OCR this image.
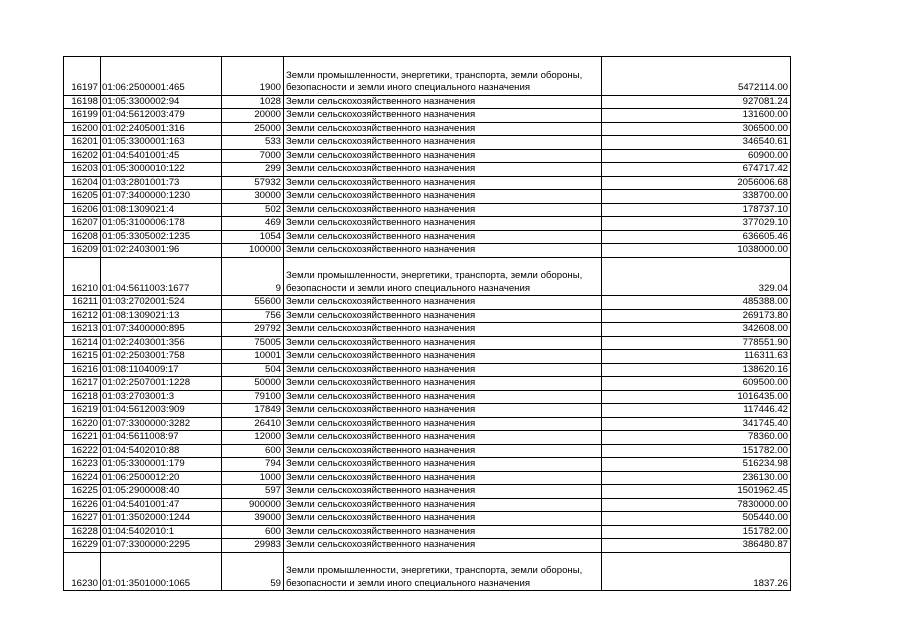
16197	01:06:2500001:465	1900	Земли промышленности, энергетики, транспорта, земли обороны, безопасности и земли иного специального назначения	5472114.00
16198	01:05:3300002:94	1028	Земли сельскохозяйственного назначения	927081.24
16199	01:04:5612003:479	20000	Земли сельскохозяйственного назначения	131600.00
16200	01:02:2405001:316	25000	Земли сельскохозяйственного назначения	306500.00
16201	01:05:3300001:163	533	Земли сельскохозяйственного назначения	346540.61
16202	01:04:5401001:45	7000	Земли сельскохозяйственного назначения	60900.00
16203	01:05:3000010:122	299	Земли сельскохозяйственного назначения	674717.42
16204	01:03:2801001:73	57932	Земли сельскохозяйственного назначения	2056006.68
16205	01:07:3400000:1230	30000	Земли сельскохозяйственного назначения	338700.00
16206	01:08:1309021:4	502	Земли сельскохозяйственного назначения	178737.10
16207	01:05:3100006:178	469	Земли сельскохозяйственного назначения	377029.10
16208	01:05:3305002:1235	1054	Земли сельскохозяйственного назначения	636605.46
16209	01:02:2403001:96	100000	Земли сельскохозяйственного назначения	1038000.00
16210	01:04:5611003:1677	9	Земли промышленности, энергетики, транспорта, земли обороны, безопасности и земли иного специального назначения	329.04
16211	01:03:2702001:524	55600	Земли сельскохозяйственного назначения	485388.00
16212	01:08:1309021:13	756	Земли сельскохозяйственного назначения	269173.80
16213	01:07:3400000:895	29792	Земли сельскохозяйственного назначения	342608.00
16214	01:02:2403001:356	75005	Земли сельскохозяйственного назначения	778551.90
16215	01:02:2503001:758	10001	Земли сельскохозяйственного назначения	116311.63
16216	01:08:1104009:17	504	Земли сельскохозяйственного назначения	138620.16
16217	01:02:2507001:1228	50000	Земли сельскохозяйственного назначения	609500.00
16218	01:03:2703001:3	79100	Земли сельскохозяйственного назначения	1016435.00
16219	01:04:5612003:909	17849	Земли сельскохозяйственного назначения	117446.42
16220	01:07:3300000:3282	26410	Земли сельскохозяйственного назначения	341745.40
16221	01:04:5611008:97	12000	Земли сельскохозяйственного назначения	78360.00
16222	01:04:5402010:88	600	Земли сельскохозяйственного назначения	151782.00
16223	01:05:3300001:179	794	Земли сельскохозяйственного назначения	516234.98
16224	01:06:2500012:20	1000	Земли сельскохозяйственного назначения	236130.00
16225	01:05:2900008:40	597	Земли сельскохозяйственного назначения	1501962.45
16226	01:04:5401001:47	900000	Земли сельскохозяйственного назначения	7830000.00
16227	01:01:3502000:1244	39000	Земли сельскохозяйственного назначения	505440.00
16228	01:04:5402010:1	600	Земли сельскохозяйственного назначения	151782.00
16229	01:07:3300000:2295	29983	Земли сельскохозяйственного назначения	386480.87
16230	01:01:3501000:1065	59	Земли промышленности, энергетики, транспорта, земли обороны, безопасности и земли иного специального назначения	1837.26
